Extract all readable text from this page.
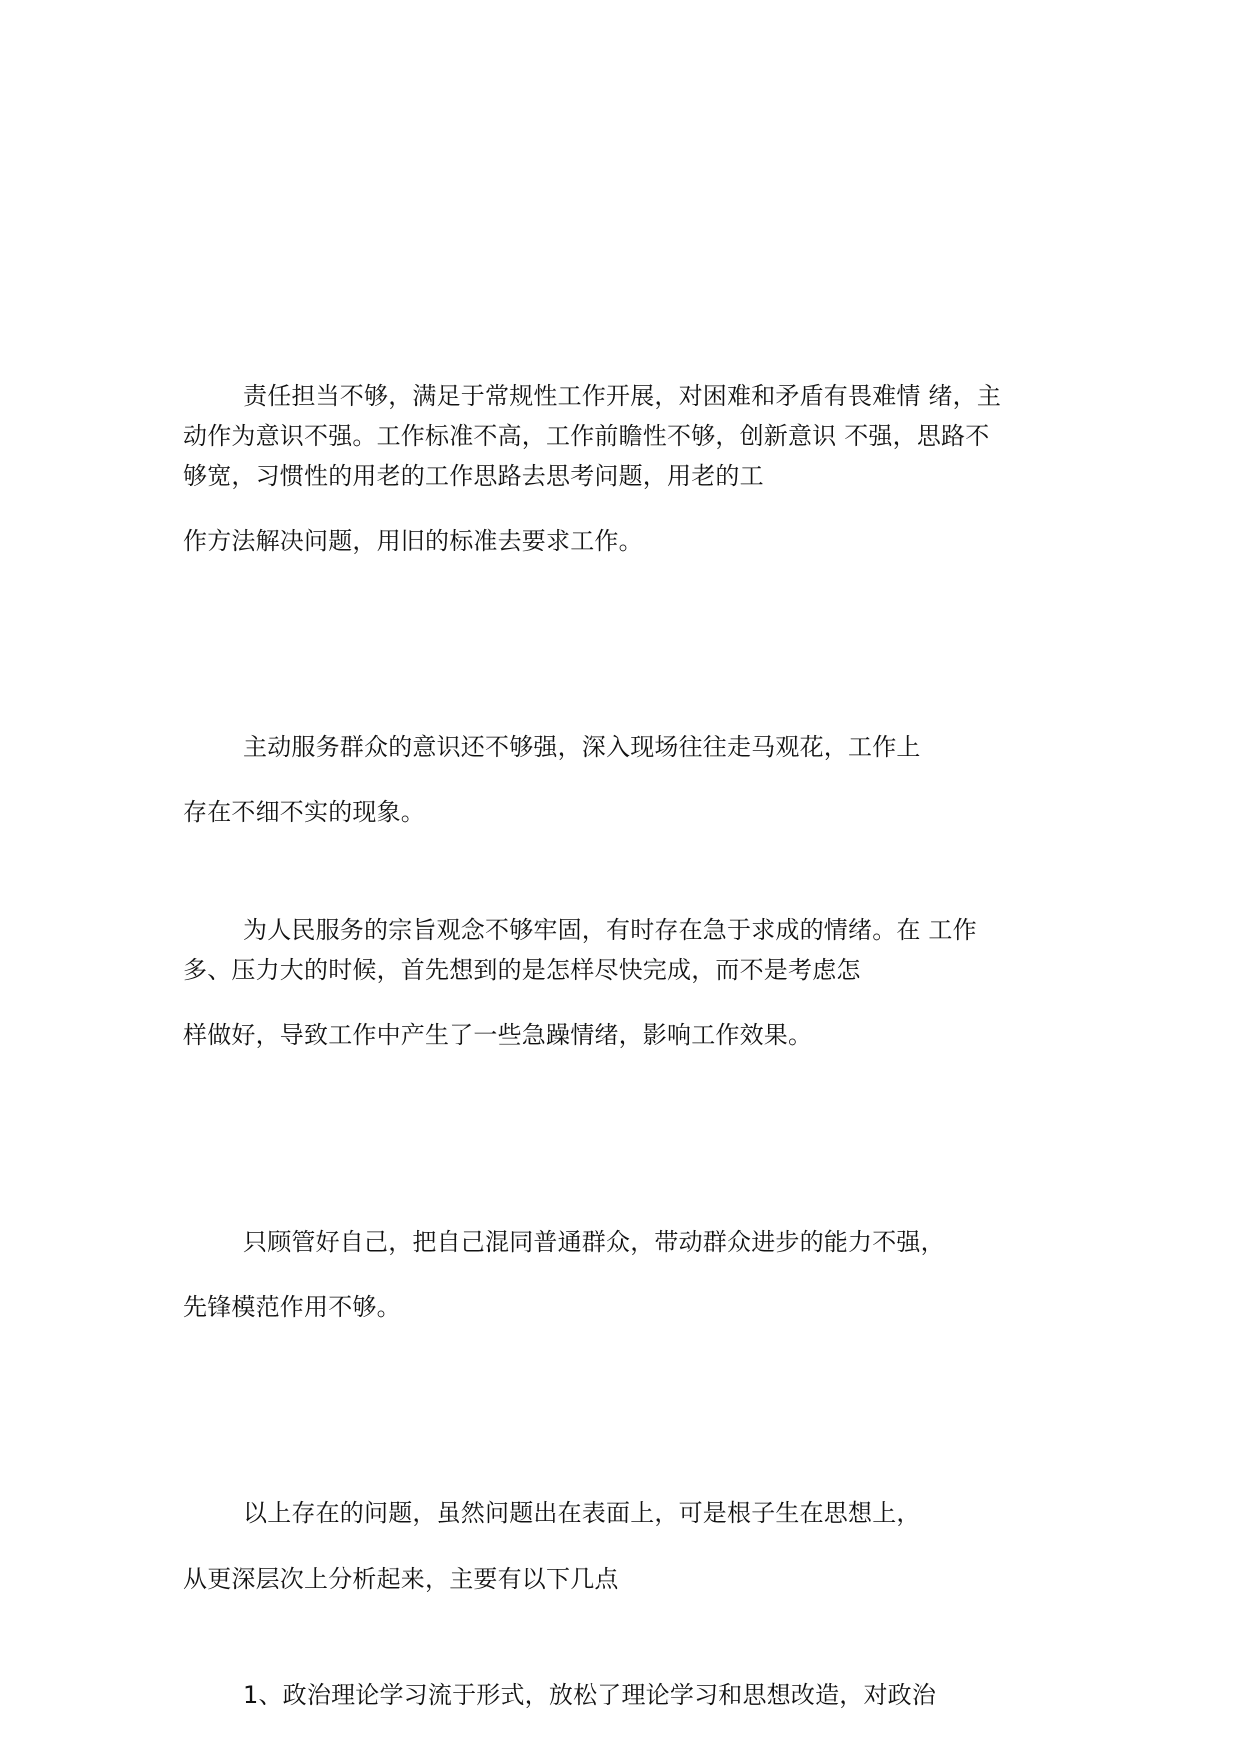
责任担当不够，满足于常规性工作开展，对困难和矛盾有畏难情 绪，主
动作为意识不强。工作标准不高，工作前瞻性不够，创新意识 不强，思路不
够宽，习惯性的用老的工作思路去思考问题，用老的工
作方法解决问题，用旧的标准去要求工作。
主动服务群众的意识还不够强，深入现场往往走马观花，工作上
存在不细不实的现象。
为人民服务的宗旨观念不够牢固，有时存在急于求成的情绪。在 工作
多、压力大的时候，首先想到的是怎样尽快完成，而不是考虑怎
样做好，导致工作中产生了一些急躁情绪，影响工作效果。
只顾管好自己，把自己混同普通群众，带动群众进步的能力不强，
先锋模范作用不够。
以上存在的问题，虽然问题出在表面上，可是根子生在思想上，
从更深层次上分析起来，主要有以下几点
1、政治理论学习流于形式，放松了理论学习和思想改造，对政治
